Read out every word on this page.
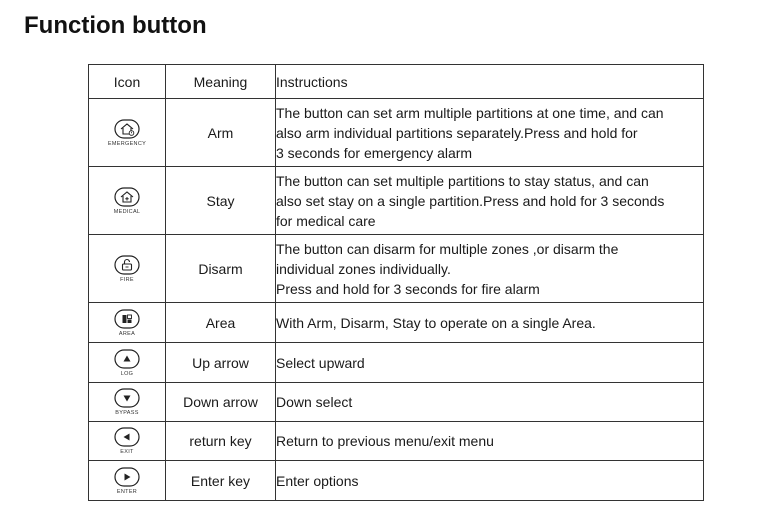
Function button
Icon	Meaning	Instructions

EMERGENCY	Arm	The button can set arm multiple partitions at one time, and can
also arm individual partitions separately.Press and hold for
3 seconds for emergency alarm

MEDICAL	Stay	The button can set multiple partitions to stay status, and can
also set stay on a single partition.Press and hold for 3 seconds
for medical care

FIRE	Disarm	The button can disarm for multiple zones ,or disarm the
individual zones individually.
Press and hold for 3 seconds for fire alarm

AREA	Area	With Arm, Disarm, Stay to operate on a single Area.

LOG	Up arrow	Select upward

BYPASS	Down arrow	Down select

EXIT	return key	Return to previous menu/exit menu

ENTER	Enter key	Enter options
